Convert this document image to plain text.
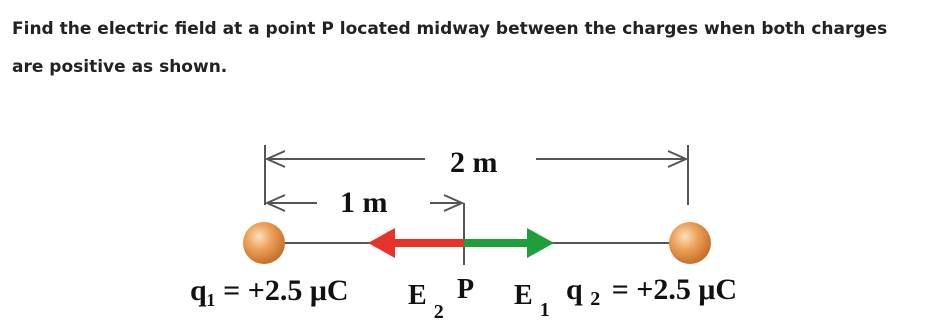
Find the electric field at a point P located midway between the charges when both charges are positive as shown.

2 m
1 m
q₁ = +2.5 μC E $_2$
P E $_1$
q $_2$ = +2.5 μC
